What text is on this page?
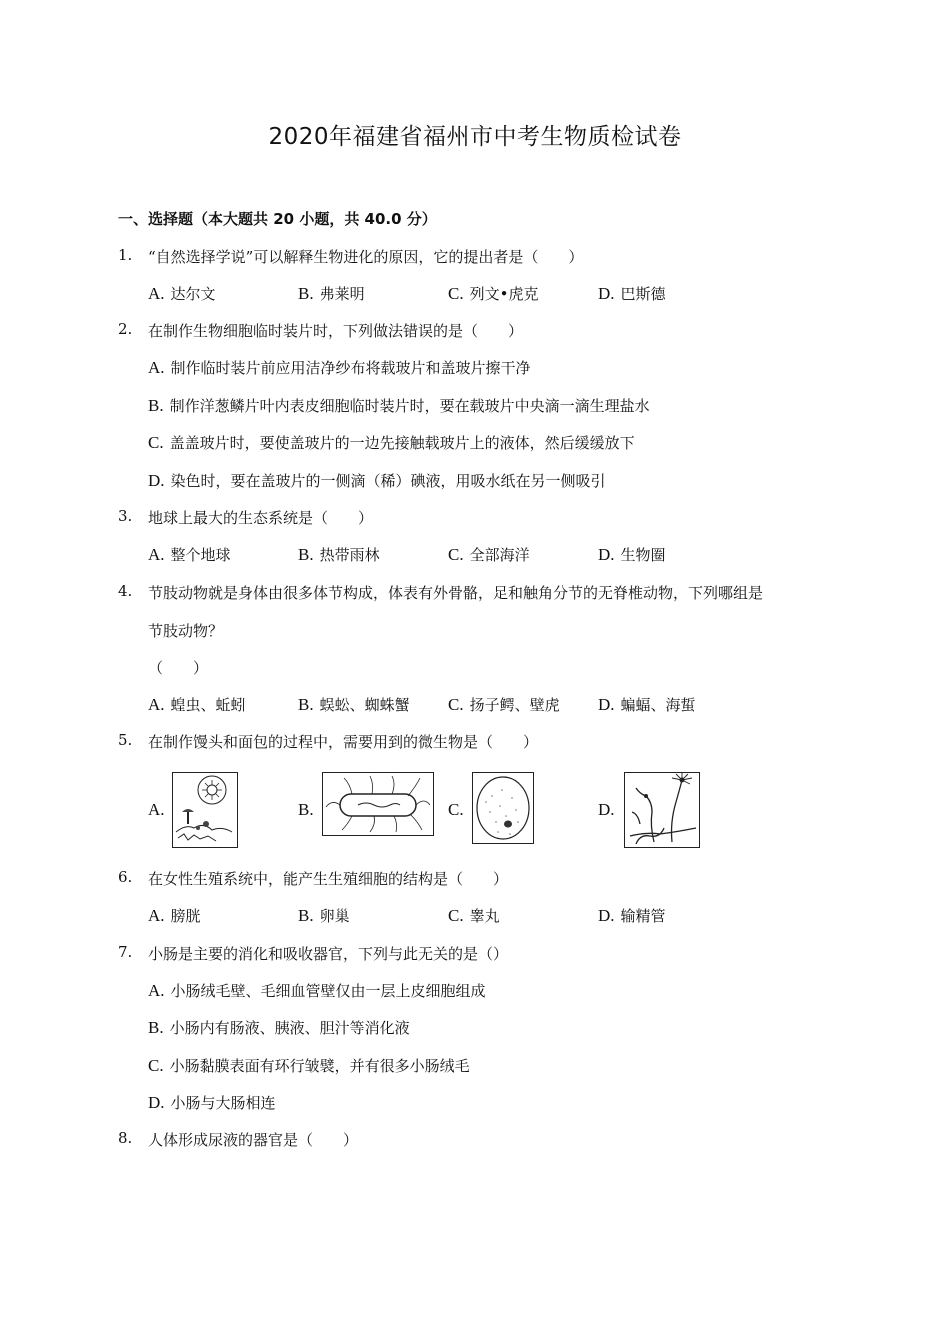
2020年福建省福州市中考生物质检试卷
一、选择题（本大题共 20 小题，共 40.0 分）
1. “自然选择学说”可以解释生物进化的原因，它的提出者是（　　）
A. 达尔文	B. 弗莱明	C. 列文•虎克	D. 巴斯德
2. 在制作生物细胞临时装片时，下列做法错误的是（　　）
A. 制作临时装片前应用洁净纱布将载玻片和盖玻片擦干净
B. 制作洋葱鳞片叶内表皮细胞临时装片时，要在载玻片中央滴一滴生理盐水
C. 盖盖玻片时，要使盖玻片的一边先接触载玻片上的液体，然后缓缓放下
D. 染色时，要在盖玻片的一侧滴（稀）碘液，用吸水纸在另一侧吸引
3. 地球上最大的生态系统是（　　）
A. 整个地球	B. 热带雨林	C. 全部海洋	D. 生物圈
4. 节肢动物就是身体由很多体节构成，体表有外骨骼，足和触角分节的无脊椎动物，下列哪组是
节肢动物？
（　　）
A. 蝗虫、蚯蚓	B. 蜈蚣、蜘蛛蟹 C. 扬子鳄、壁虎 D. 蝙蝠、海蜇
5. 在制作馒头和面包的过程中，需要用到的微生物是（　　）
A.	B.	C.	D.
6. 在女性生殖系统中，能产生生殖细胞的结构是（　　）
A. 膀胱	B. 卵巢	C. 睾丸	D. 输精管
7. 小肠是主要的消化和吸收器官，下列与此无关的是（）
A. 小肠绒毛壁、毛细血管壁仅由一层上皮细胞组成
B. 小肠内有肠液、胰液、胆汁等消化液
C. 小肠黏膜表面有环行皱襞，并有很多小肠绒毛
D. 小肠与大肠相连
8. 人体形成尿液的器官是（　　）
